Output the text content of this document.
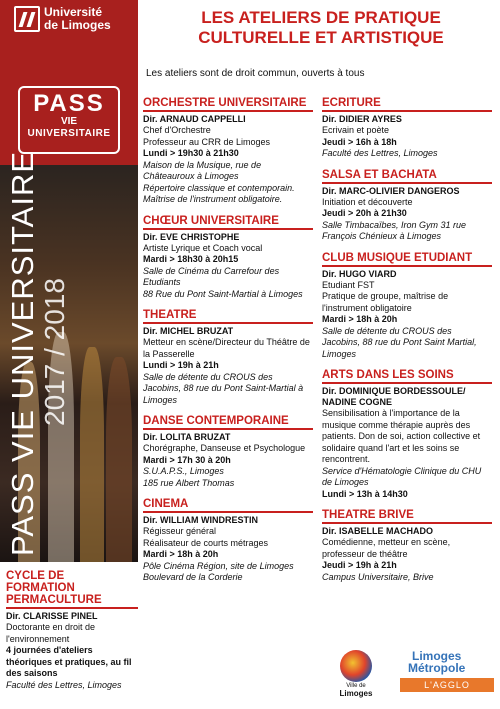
Université
de Limoges
PASS
VIE
UNIVERSITAIRE
PASS VIE UNIVERSITAIRE 2017 / 2018
CYCLE DE
FORMATION
PERMACULTURE
Dir. CLARISSE PINEL

Doctorante en droit de l'environnement

4 journées d'ateliers théoriques et pratiques, au fil des saisons

Faculté des Lettres, Limoges

LES ATELIERS DE PRATIQUE
CULTURELLE ET ARTISTIQUE
Les ateliers sont de droit commun, ouverts à tous
ORCHESTRE UNIVERSITAIRE
Dir. ARNAUD CAPPELLI

Chef d'Orchestre
Professeur au CRR de Limoges

Lundi > 19h30 à 21h30

Maison de la Musique, rue de Châteauroux à Limoges
Répertoire classique et contemporain. Maîtrise de l'instrument obligatoire.

CHŒUR UNIVERSITAIRE
Dir. EVE CHRISTOPHE

Artiste Lyrique et Coach vocal

Mardi > 18h30 à 20h15

Salle de Cinéma du Carrefour des Etudiants
88 Rue du Pont Saint-Martial à Limoges

THEATRE
Dir. MICHEL BRUZAT

Metteur en scène/Directeur du Théâtre de la Passerelle

Lundi > 19h à 21h

Salle de détente du CROUS des Jacobins, 88 rue du Pont Saint-Martial à Limoges

DANSE CONTEMPORAINE
Dir. LOLITA BRUZAT

Chorégraphe, Danseuse et Psychologue

Mardi > 17h 30 à 20h

S.U.A.P.S., Limoges
185 rue Albert Thomas

CINEMA
Dir. WILLIAM WINDRESTIN

Régisseur général
Réalisateur de courts métrages

Mardi > 18h à 20h

Pôle Cinéma Région, site de Limoges Boulevard de la Corderie

ECRITURE
Dir. DIDIER AYRES

Ecrivain et poète

Jeudi > 16h à 18h

Faculté des Lettres, Limoges

SALSA ET BACHATA
Dir. MARC-OLIVIER DANGEROS

Initiation et découverte

Jeudi > 20h à 21h30

Salle Timbacaïbes, Iron Gym 31 rue François Chénieux à Limoges

CLUB MUSIQUE ETUDIANT
Dir. HUGO VIARD

Etudiant FST
Pratique de groupe, maîtrise de l'instrument obligatoire

Mardi > 18h à 20h

Salle de détente du CROUS des Jacobins, 88 rue du Pont Saint Martial, Limoges

ARTS DANS LES SOINS
Dir. DOMINIQUE BORDESSOULE/ NADINE COGNE

Sensibilisation à l'importance de la musique comme thérapie auprès des patients. Don de soi, action collective et solidaire quand l'art et les soins se rencontrent.

Service d'Hématologie Clinique du CHU de Limoges

Lundi > 13h à 14h30

THEATRE BRIVE
Dir. ISABELLE MACHADO

Comédienne, metteur en scène, professeur de théâtre

Jeudi > 19h à 21h

Campus Universitaire, Brive

Ville de
Limoges
Limoges
Métropole
L'AGGLO
